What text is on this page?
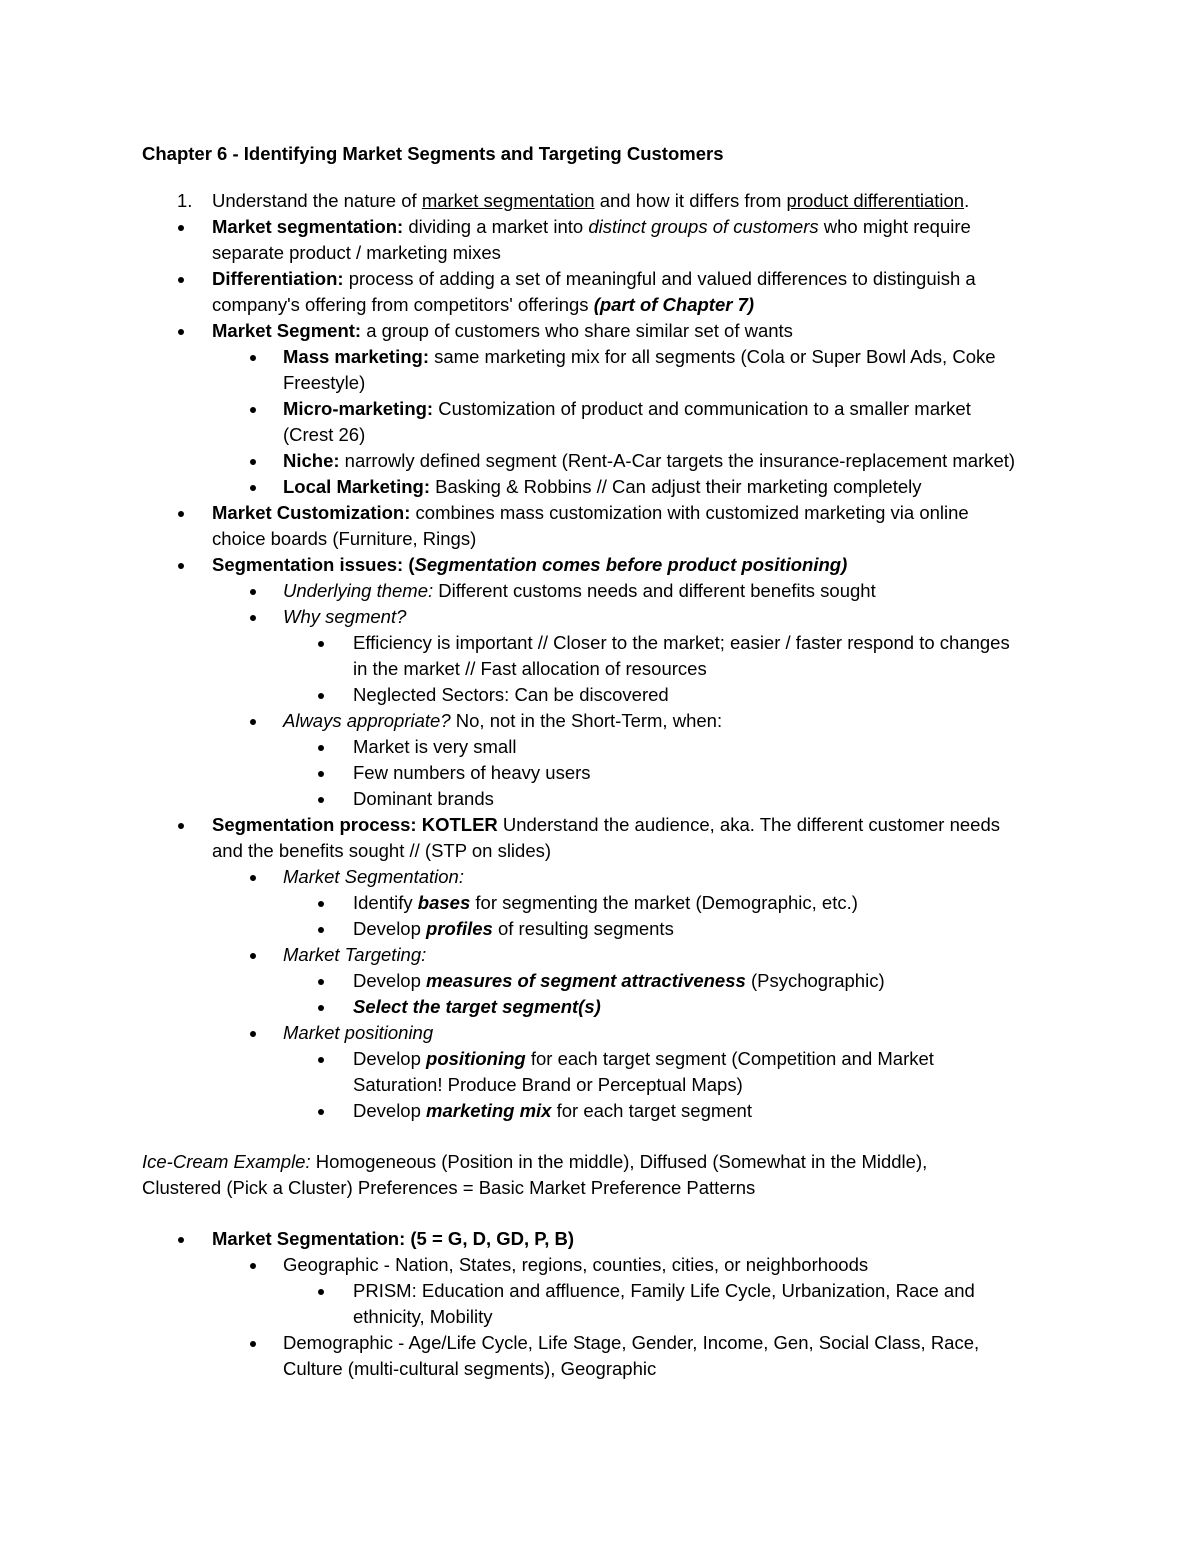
Chapter 6 - Identifying Market Segments and Targeting Customers
1. Understand the nature of market segmentation and how it differs from product differentiation.
Market segmentation: dividing a market into distinct groups of customers who might require
separate product / marketing mixes
Differentiation: process of adding a set of meaningful and valued differences to distinguish a
company's offering from competitors' offerings (part of Chapter 7)
Market Segment: a group of customers who share similar set of wants
Mass marketing: same marketing mix for all segments (Cola or Super Bowl Ads, Coke
Freestyle)
Micro-marketing: Customization of product and communication to a smaller market
(Crest 26)
Niche: narrowly defined segment (Rent-A-Car targets the insurance-replacement market)
Local Marketing: Basking & Robbins // Can adjust their marketing completely
Market Customization: combines mass customization with customized marketing via online
choice boards (Furniture, Rings)
Segmentation issues: (Segmentation comes before product positioning)
Underlying theme: Different customs needs and different benefits sought
Why segment?
Efficiency is important // Closer to the market; easier / faster respond to changes
in the market // Fast allocation of resources
Neglected Sectors: Can be discovered
Always appropriate? No, not in the Short-Term, when:
Market is very small
Few numbers of heavy users
Dominant brands
Segmentation process: KOTLER Understand the audience, aka. The different customer needs
and the benefits sought // (STP on slides)
Market Segmentation:
Identify bases for segmenting the market (Demographic, etc.)
Develop profiles of resulting segments
Market Targeting:
Develop measures of segment attractiveness (Psychographic)
Select the target segment(s)
Market positioning
Develop positioning for each target segment (Competition and Market
Saturation! Produce Brand or Perceptual Maps)
Develop marketing mix for each target segment
Ice-Cream Example: Homogeneous (Position in the middle), Diffused (Somewhat in the Middle),
Clustered (Pick a Cluster) Preferences = Basic Market Preference Patterns
Market Segmentation: (5 = G, D, GD, P, B)
Geographic - Nation, States, regions, counties, cities, or neighborhoods
PRISM: Education and affluence, Family Life Cycle, Urbanization, Race and
ethnicity, Mobility
Demographic - Age/Life Cycle, Life Stage, Gender, Income, Gen, Social Class, Race,
Culture (multi-cultural segments), Geographic
